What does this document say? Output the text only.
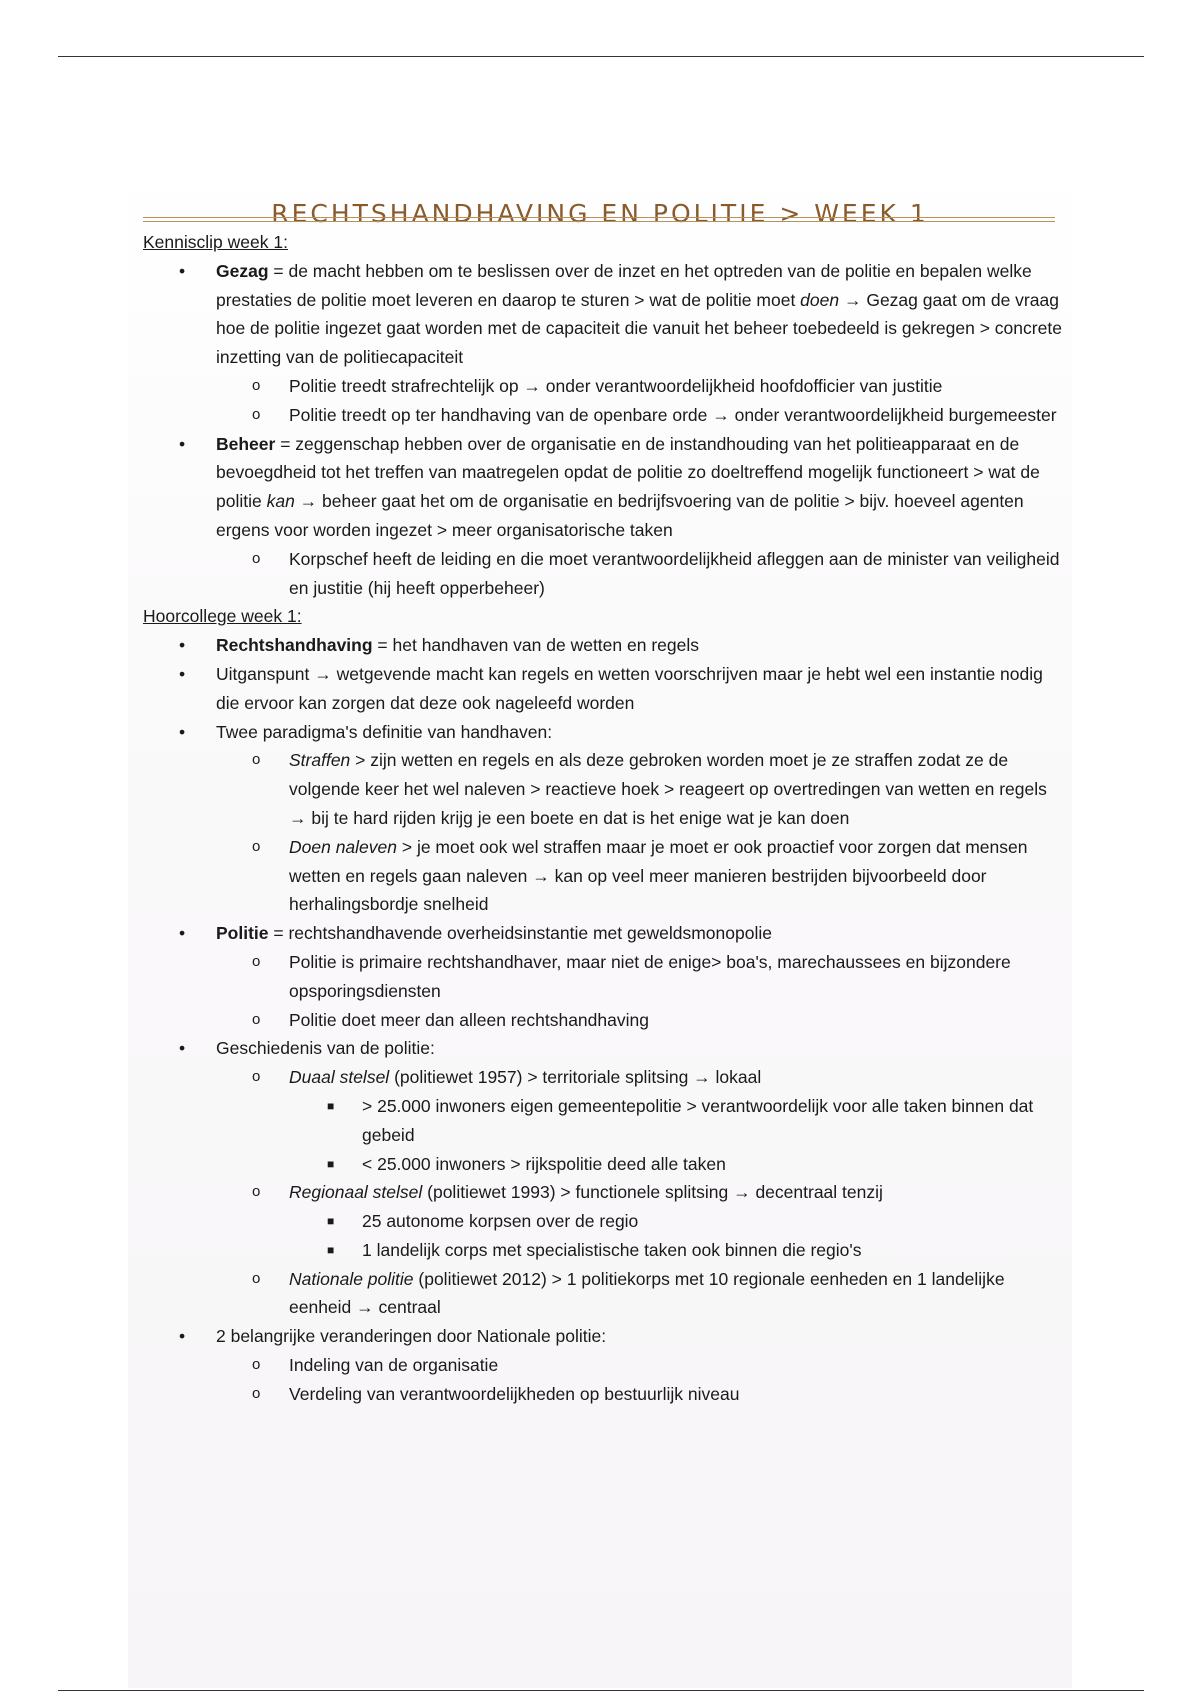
RECHTSHANDHAVING EN POLITIE > WEEK 1

Kennisclip week 1:

• Gezag = de macht hebben om te beslissen over de inzet en het optreden van de politie en bepalen welke prestaties de politie moet leveren en daarop te sturen > wat de politie moet doen → Gezag gaat om de vraag hoe de politie ingezet gaat worden met de capaciteit die vanuit het beheer toebedeeld is gekregen > concrete inzetting van de politiecapaciteit
o Politie treedt strafrechtelijk op → onder verantwoordelijkheid hoofdofficier van justitie
o Politie treedt op ter handhaving van de openbare orde → onder verantwoordelijkheid burgemeester
• Beheer = zeggenschap hebben over de organisatie en de instandhouding van het politieapparaat en de bevoegdheid tot het treffen van maatregelen opdat de politie zo doeltreffend mogelijk functioneert > wat de politie kan → beheer gaat het om de organisatie en bedrijfsvoering van de politie > bijv. hoeveel agenten ergens voor worden ingezet > meer organisatorische taken
o Korpschef heeft de leiding en die moet verantwoordelijkheid afleggen aan de minister van veiligheid en justitie (hij heeft opperbeheer)

Hoorcollege week 1:

• Rechtshandhaving = het handhaven van de wetten en regels
• Uitganspunt → wetgevende macht kan regels en wetten voorschrijven maar je hebt wel een instantie nodig die ervoor kan zorgen dat deze ook nageleefd worden
• Twee paradigma's definitie van handhaven:
o Straffen > zijn wetten en regels en als deze gebroken worden moet je ze straffen zodat ze de volgende keer het wel naleven > reactieve hoek > reageert op overtredingen van wetten en regels → bij te hard rijden krijg je een boete en dat is het enige wat je kan doen
o Doen naleven > je moet ook wel straffen maar je moet er ook proactief voor zorgen dat mensen wetten en regels gaan naleven → kan op veel meer manieren bestrijden bijvoorbeeld door herhalingsbordje snelheid
• Politie = rechtshandhavende overheidsinstantie met geweldsmonopolie
o Politie is primaire rechtshandhaver, maar niet de enige> boa's, marechaussees en bijzondere opsporingsdiensten
o Politie doet meer dan alleen rechtshandhaving
• Geschiedenis van de politie:
o Duaal stelsel (politiewet 1957) > territoriale splitsing → lokaal
■ > 25.000 inwoners eigen gemeentepolitie > verantwoordelijk voor alle taken binnen dat gebeid
■ < 25.000 inwoners > rijkspolitie deed alle taken
o Regionaal stelsel (politiewet 1993) > functionele splitsing → decentraal tenzij
■ 25 autonome korpsen over de regio
■ 1 landelijk corps met specialistische taken ook binnen die regio's
o Nationale politie (politiewet 2012) > 1 politiekorps met 10 regionale eenheden en 1 landelijke eenheid → centraal
• 2 belangrijke veranderingen door Nationale politie:
o Indeling van de organisatie
o Verdeling van verantwoordelijkheden op bestuurlijk niveau
